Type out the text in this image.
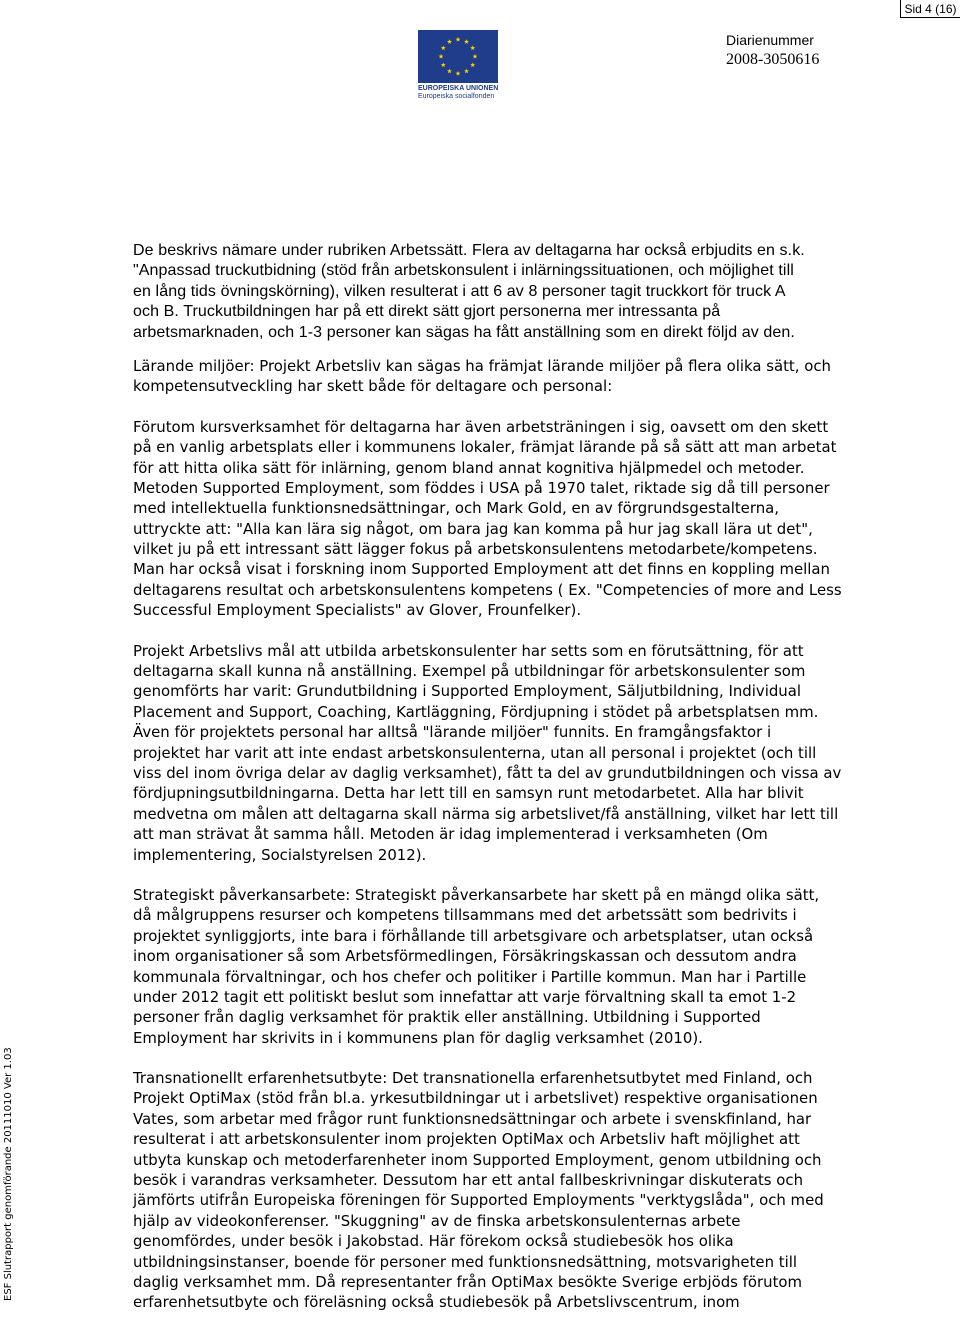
Sid 4 (16)
EUROPEISKA UNIONEN
Europeiska socialfonden
Diarienummer
2008-3050616
ESF Slutrapport genomförande 20111010 Ver 1.03
De beskrivs nämare under rubriken Arbetssätt. Flera av deltagarna har också erbjudits en s.k.
"Anpassad truckutbidning (stöd från arbetskonsulent i inlärningssituationen, och möjlighet till
en lång tids övningskörning), vilken resulterat i att 6 av 8 personer tagit truckkort för truck A
och B. Truckutbildningen har på ett direkt sätt gjort personerna mer intressanta på
arbetsmarknaden, och 1-3 personer kan sägas ha fått anställning som en direkt följd av den.
Lärande miljöer: Projekt Arbetsliv kan sägas ha främjat lärande miljöer på flera olika sätt, och
kompetensutveckling har skett både för deltagare och personal:
Förutom kursverksamhet för deltagarna har även arbetsträningen i sig, oavsett om den skett
på en vanlig arbetsplats eller i kommunens lokaler, främjat lärande på så sätt att man arbetat
för att hitta olika sätt för inlärning, genom bland annat kognitiva hjälpmedel och metoder.
Metoden Supported Employment, som föddes i USA på 1970 talet, riktade sig då till personer
med intellektuella funktionsnedsättningar, och Mark Gold, en av förgrundsgestalterna,
uttryckte att: "Alla kan lära sig något, om bara jag kan komma på hur jag skall lära ut det",
vilket ju på ett intressant sätt lägger fokus på arbetskonsulentens metodarbete/kompetens.
Man har också visat i forskning inom Supported Employment att det finns en koppling mellan
deltagarens resultat och arbetskonsulentens kompetens ( Ex. "Competencies of more and Less
Successful Employment Specialists" av Glover, Frounfelker).
Projekt Arbetslivs mål att utbilda arbetskonsulenter har setts som en förutsättning, för att
deltagarna skall kunna nå anställning. Exempel på utbildningar för arbetskonsulenter som
genomförts har varit: Grundutbildning i Supported Employment, Säljutbildning, Individual
Placement and Support, Coaching, Kartläggning, Fördjupning i stödet på arbetsplatsen mm.
Även för projektets personal har alltså "lärande miljöer" funnits. En framgångsfaktor i
projektet har varit att inte endast arbetskonsulenterna, utan all personal i projektet (och till
viss del inom övriga delar av daglig verksamhet), fått ta del av grundutbildningen och vissa av
fördjupningsutbildningarna. Detta har lett till en samsyn runt metodarbetet. Alla har blivit
medvetna om målen att deltagarna skall närma sig arbetslivet/få anställning, vilket har lett till
att man strävat åt samma håll. Metoden är idag implementerad i verksamheten (Om
implementering, Socialstyrelsen 2012).
Strategiskt påverkansarbete: Strategiskt påverkansarbete har skett på en mängd olika sätt,
då målgruppens resurser och kompetens tillsammans med det arbetssätt som bedrivits i
projektet synliggjorts, inte bara i förhållande till arbetsgivare och arbetsplatser, utan också
inom organisationer så som Arbetsförmedlingen, Försäkringskassan och dessutom andra
kommunala förvaltningar, och hos chefer och politiker i Partille kommun. Man har i Partille
under 2012 tagit ett politiskt beslut som innefattar att varje förvaltning skall ta emot 1-2
personer från daglig verksamhet för praktik eller anställning. Utbildning i Supported
Employment har skrivits in i kommunens plan för daglig verksamhet (2010).
Transnationellt erfarenhetsutbyte: Det transnationella erfarenhetsutbytet med Finland, och
Projekt OptiMax (stöd från bl.a. yrkesutbildningar ut i arbetslivet) respektive organisationen
Vates, som arbetar med frågor runt funktionsnedsättningar och arbete i svenskfinland, har
resulterat i att arbetskonsulenter inom projekten OptiMax och Arbetsliv haft möjlighet att
utbyta kunskap och metoderfarenheter inom Supported Employment, genom utbildning och
besök i varandras verksamheter. Dessutom har ett antal fallbeskrivningar diskuterats och
jämförts utifrån Europeiska föreningen för Supported Employments "verktygslåda", och med
hjälp av videokonferenser. "Skuggning" av de finska arbetskonsulenternas arbete
genomfördes, under besök i Jakobstad. Här förekom också studiebesök hos olika
utbildningsinstanser, boende för personer med funktionsnedsättning, motsvarigheten till
daglig verksamhet mm. Då representanter från OptiMax besökte Sverige erbjöds förutom
erfarenhetsutbyte och föreläsning också studiebesök på Arbetslivscentrum, inom
